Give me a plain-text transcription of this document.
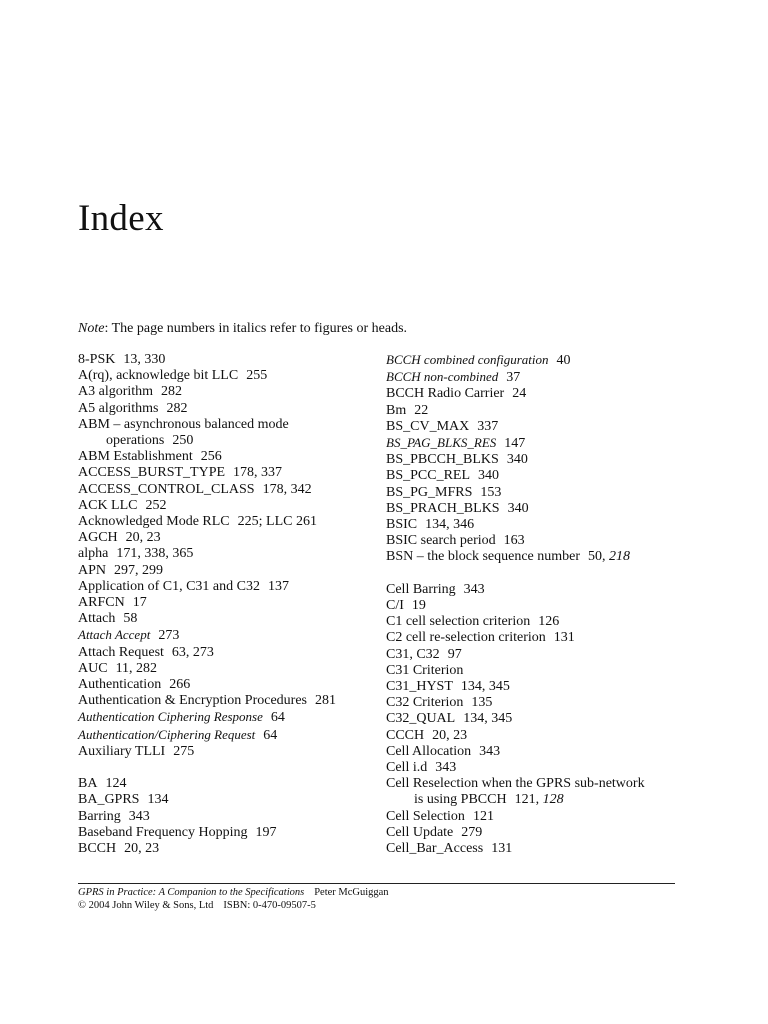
Index
Note: The page numbers in italics refer to figures or heads.
8-PSK 13, 330
A(rq), acknowledge bit LLC 255
A3 algorithm 282
A5 algorithms 282
ABM – asynchronous balanced mode
operations 250
ABM Establishment 256
ACCESS_BURST_TYPE 178, 337
ACCESS_CONTROL_CLASS 178, 342
ACK LLC 252
Acknowledged Mode RLC 225; LLC 261
AGCH 20, 23
alpha 171, 338, 365
APN 297, 299
Application of C1, C31 and C32 137
ARFCN 17
Attach 58
Attach Accept 273
Attach Request 63, 273
AUC 11, 282
Authentication 266
Authentication & Encryption Procedures 281
Authentication Ciphering Response 64
Authentication/Ciphering Request 64
Auxiliary TLLI 275
BA 124
BA_GPRS 134
Barring 343
Baseband Frequency Hopping 197
BCCH 20, 23
BCCH combined configuration 40
BCCH non-combined 37
BCCH Radio Carrier 24
Bm 22
BS_CV_MAX 337
BS_PAG_BLKS_RES 147
BS_PBCCH_BLKS 340
BS_PCC_REL 340
BS_PG_MFRS 153
BS_PRACH_BLKS 340
BSIC 134, 346
BSIC search period 163
BSN – the block sequence number 50, 218
Cell Barring 343
C/I 19
C1 cell selection criterion 126
C2 cell re-selection criterion 131
C31, C32 97
C31 Criterion
C31_HYST 134, 345
C32 Criterion 135
C32_QUAL 134, 345
CCCH 20, 23
Cell Allocation 343
Cell i.d 343
Cell Reselection when the GPRS sub-network
is using PBCCH 121, 128
Cell Selection 121
Cell Update 279
Cell_Bar_Access 131
GPRS in Practice: A Companion to the Specifications Peter McGuiggan
© 2004 John Wiley & Sons, Ltd ISBN: 0-470-09507-5
